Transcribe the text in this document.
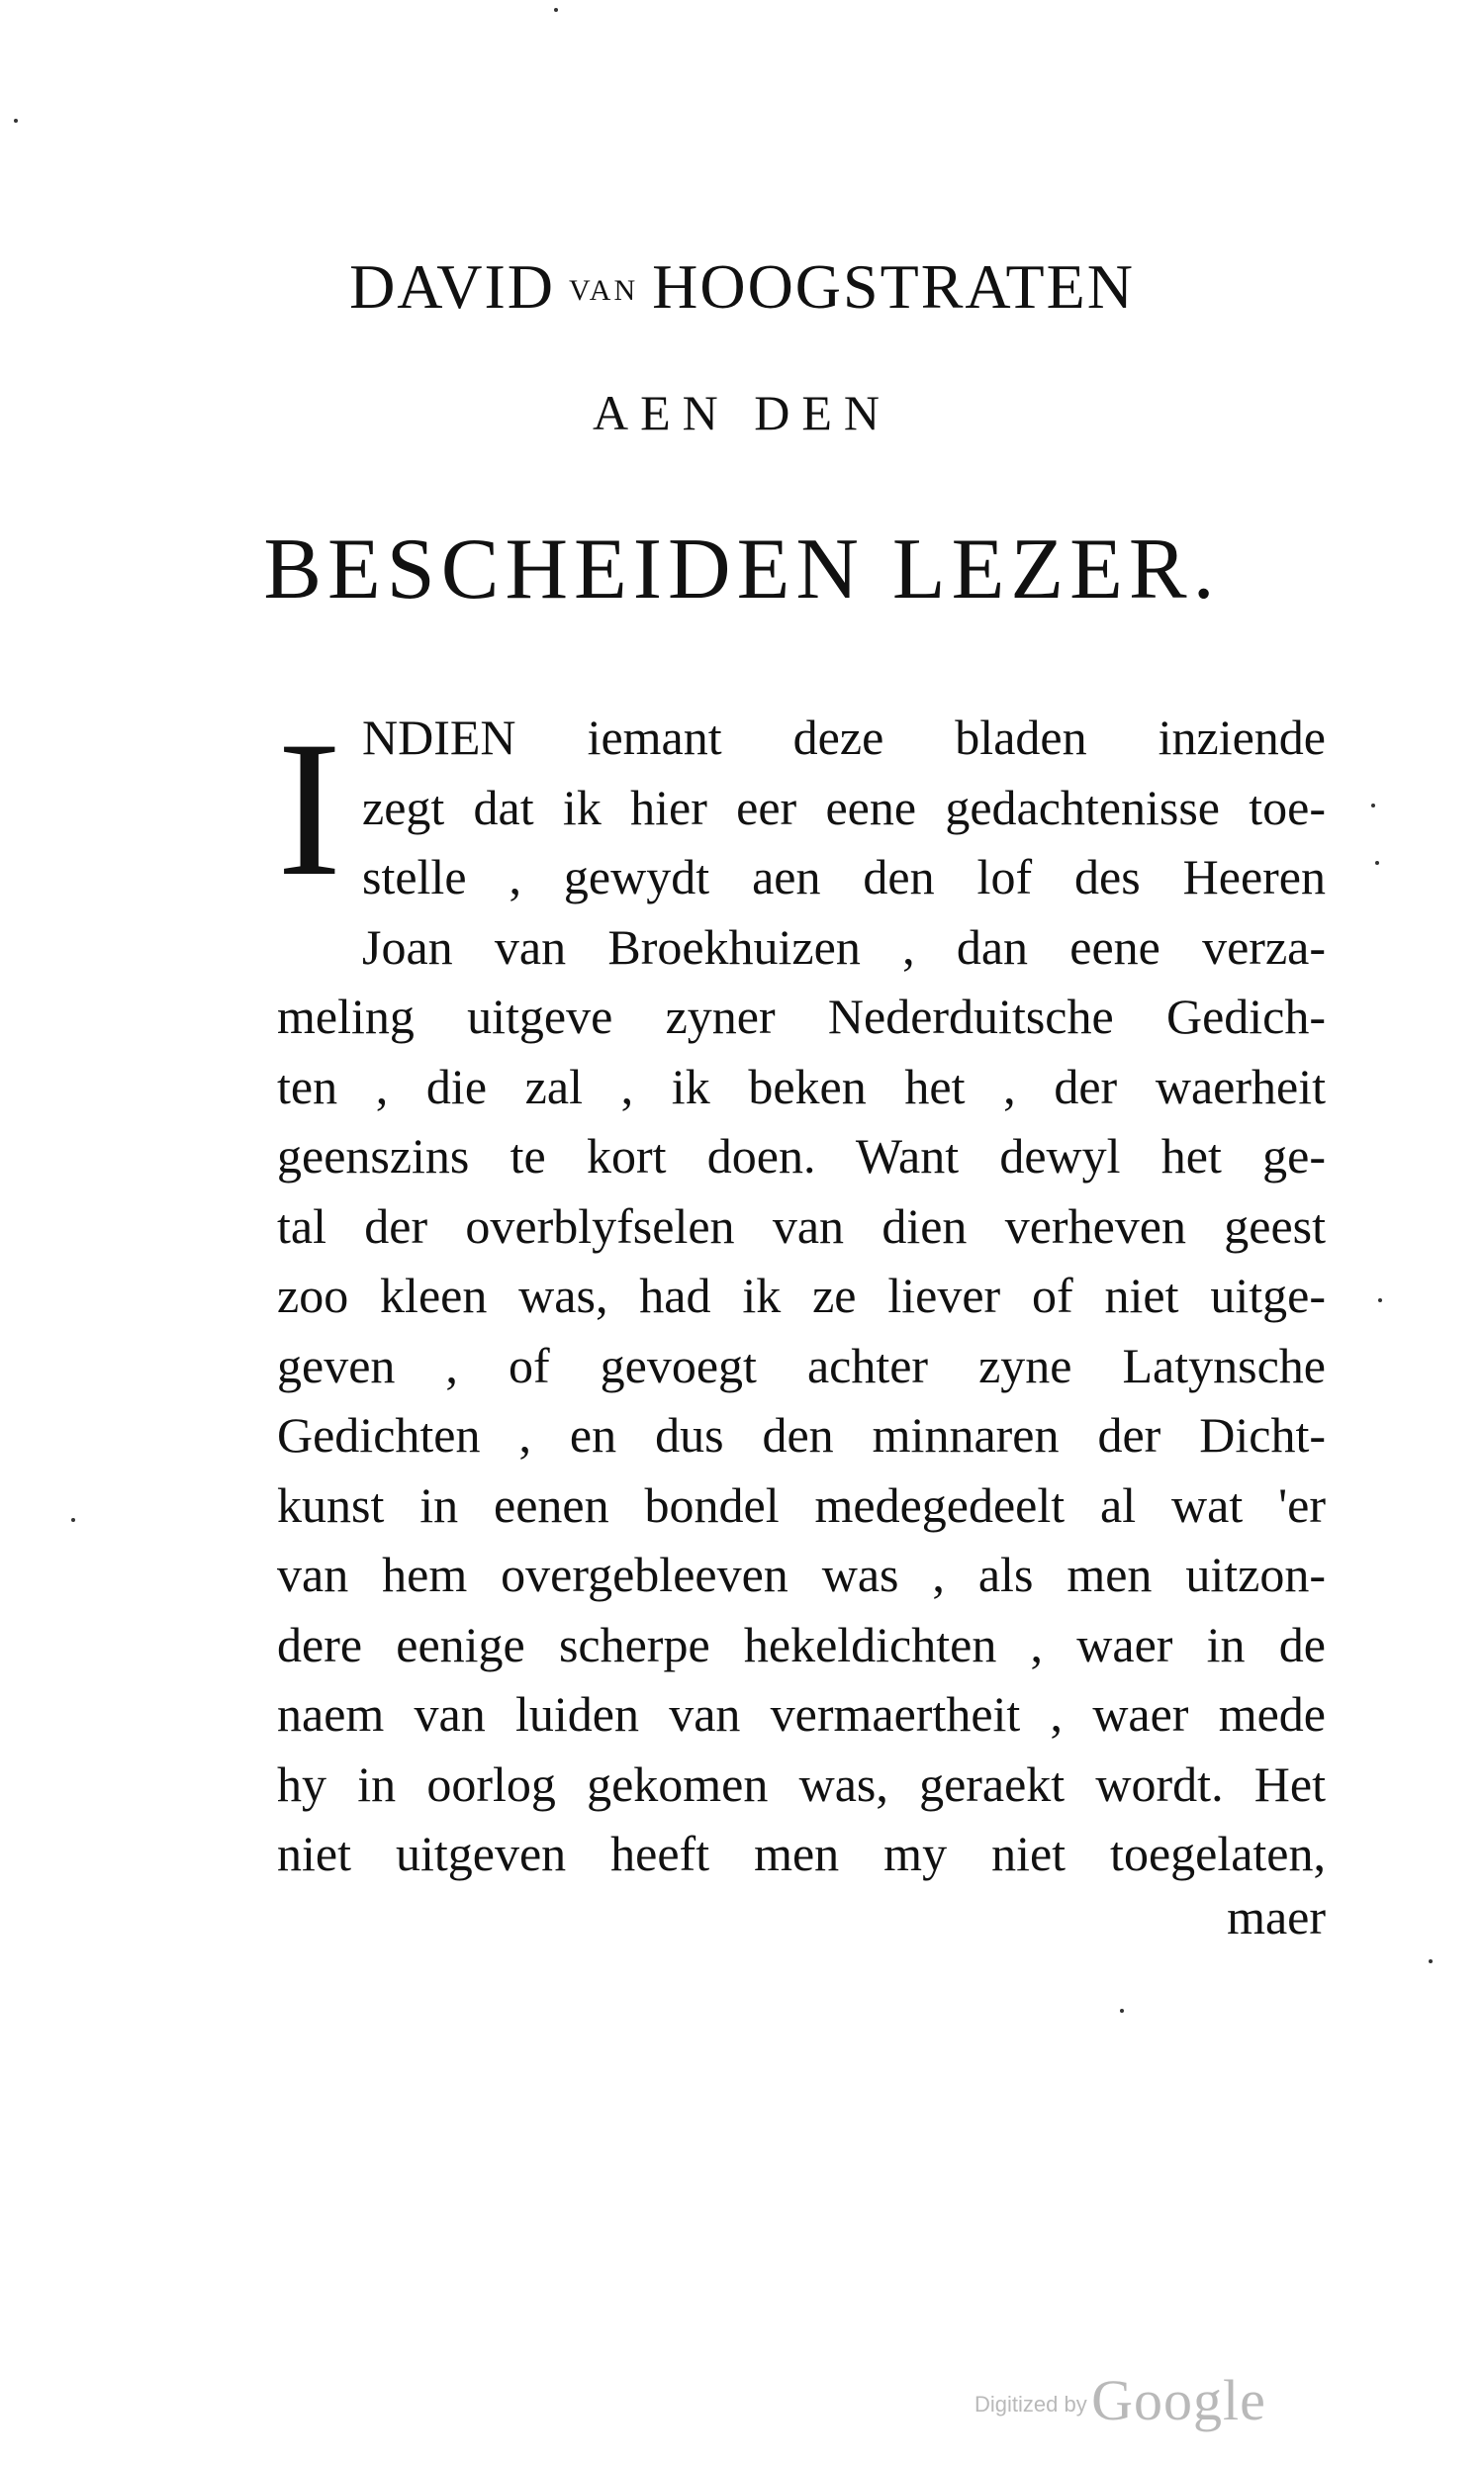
DAVID VAN HOOGSTRATEN
AEN DEN
BESCHEIDEN LEZER.
I NDIEN iemant deze bladen inziende
zegt dat ik hier eer eene gedachtenisse toe-
stelle , gewydt aen den lof des Heeren
Joan van Broekhuizen , dan eene verza-
meling uitgeve zyner Nederduitsche Gedich-
ten , die zal , ik beken het , der waerheit
geenszins te kort doen. Want dewyl het ge-
tal der overblyfselen van dien verheven geest
zoo kleen was, had ik ze liever of niet uitge-
geven , of gevoegt achter zyne Latynsche
Gedichten , en dus den minnaren der Dicht-
kunst in eenen bondel medegedeelt al wat 'er
van hem overgebleeven was , als men uitzon-
dere eenige scherpe hekeldichten , waer in de
naem van luiden van vermaertheit , waer mede
hy in oorlog gekomen was, geraekt wordt. Het
niet uitgeven heeft men my niet toegelaten,
maer
Digitized by Google
